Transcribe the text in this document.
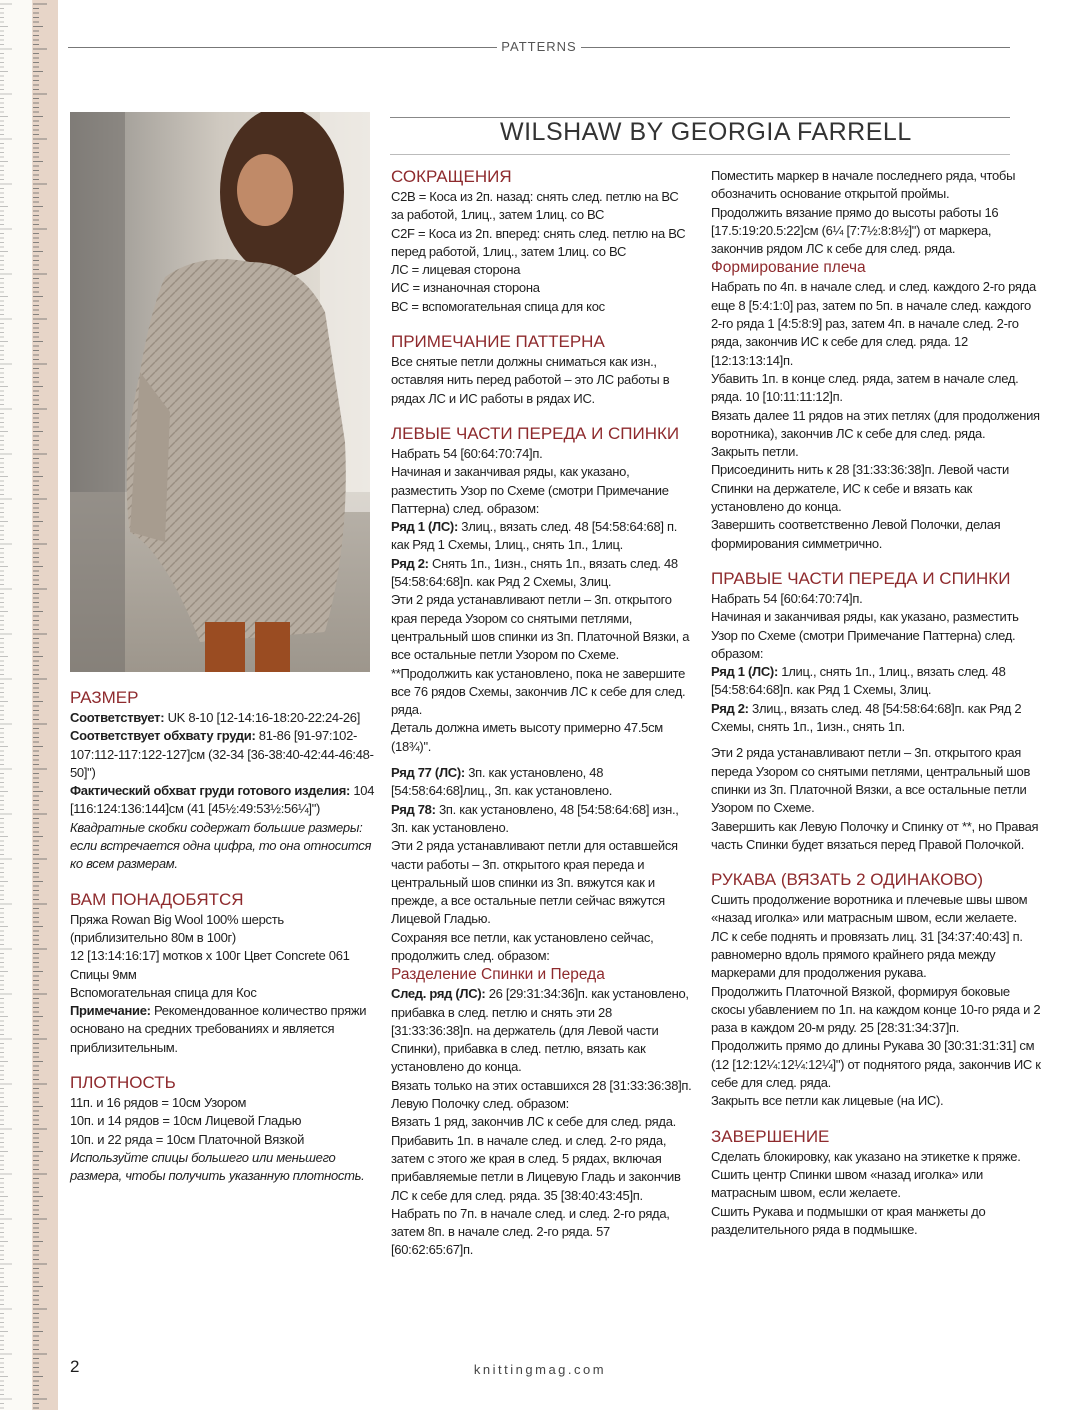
PATTERNS
WILSHAW BY GEORGIA FARRELL

РАЗМЕР

Соответствует: UK 8-10 [12-14:16-18:20-22:24-26]

Соответствует обхвату груди: 81-86 [91-97:102-107:112-117:122-127]см (32-34 [36-38:40-42:44-46:48-50]")

Фактический обхват груди готового изделия: 104 [116:124:136:144]см (41 [45½:49:53½:56¼]")

Квадратные скобки содержат большие размеры: если встречается одна цифра, то она относится ко всем размерам.

ВАМ ПОНАДОБЯТСЯ

Пряжа Rowan Big Wool 100% шерсть (приблизительно 80м в 100г)

12 [13:14:16:17] мотков х 100г Цвет Concrete 061

Спицы 9мм

Вспомогательная спица для Кос

Примечание: Рекомендованное количество пряжи основано на средних требованиях и является приблизительным.

ПЛОТНОСТЬ

11п. и 16 рядов = 10см Узором

10п. и 14 рядов = 10см Лицевой Гладью

10п. и 22 ряда = 10см Платочной Вязкой

Используйте спицы большего или меньшего размера, чтобы получить указанную плотность.

СОКРАЩЕНИЯ

C2B = Коса из 2п. назад: снять след. петлю на ВС за работой, 1лиц., затем 1лиц. со ВС

C2F = Коса из 2п. вперед: снять след. петлю на ВС перед работой, 1лиц., затем 1лиц. со ВС

ЛС = лицевая сторона

ИС = изнаночная сторона

ВС = вспомогательная спица для кос

ПРИМЕЧАНИЕ ПАТТЕРНА

Все снятые петли должны сниматься как изн., оставляя нить перед работой – это ЛС работы в рядах ЛС и ИС работы в рядах ИС.

ЛЕВЫЕ ЧАСТИ ПЕРЕДА И СПИНКИ

Набрать 54 [60:64:70:74]п.

Начиная и заканчивая ряды, как указано, разместить Узор по Схеме (смотри Примечание Паттерна) след. образом:

Ряд 1 (ЛС): 3лиц., вязать след. 48 [54:58:64:68] п. как Ряд 1 Схемы, 1лиц., снять 1п., 1лиц.

Ряд 2: Снять 1п., 1изн., снять 1п., вязать след. 48 [54:58:64:68]п. как Ряд 2 Схемы, 3лиц.

Эти 2 ряда устанавливают петли – 3п. открытого края переда Узором со снятыми петлями, центральный шов спинки из 3п. Платочной Вязки, а все остальные петли Узором по Схеме.

**Продолжить как установлено, пока не завершите все 76 рядов Схемы, закончив ЛС к себе для след. ряда.

Деталь должна иметь высоту примерно 47.5см (18¾)".

Ряд 77 (ЛС): 3п. как установлено, 48 [54:58:64:68]лиц., 3п. как установлено.

Ряд 78: 3п. как установлено, 48 [54:58:64:68] изн., 3п. как установлено.

Эти 2 ряда устанавливают петли для оставшейся части работы – 3п. открытого края переда и центральный шов спинки из 3п. вяжутся как и прежде, а все остальные петли сейчас вяжутся Лицевой Гладью.

Сохраняя все петли, как установлено сейчас, продолжить след. образом:

Разделение Спинки и Переда

След. ряд (ЛС): 26 [29:31:34:36]п. как установлено, прибавка в след. петлю и снять эти 28 [31:33:36:38]п. на держатель (для Левой части Спинки), прибавка в след. петлю, вязать как установлено до конца.

Вязать только на этих оставшихся 28 [31:33:36:38]п. Левую Полочку след. образом:

Вязать 1 ряд, закончив ЛС к себе для след. ряда.

Прибавить 1п. в начале след. и след. 2-го ряда, затем с этого же края в след. 5 рядах, включая прибавляемые петли в Лицевую Гладь и закончив ЛС к себе для след. ряда. 35 [38:40:43:45]п.

Набрать по 7п. в начале след. и след. 2-го ряда, затем 8п. в начале след. 2-го ряда. 57 [60:62:65:67]п.

Поместить маркер в начале последнего ряда, чтобы обозначить основание открытой проймы.

Продолжить вязание прямо до высоты работы 16 [17.5:19:20.5:22]см (6¼ [7:7½:8:8½]") от маркера, закончив рядом ЛС к себе для след. ряда.

Формирование плеча

Набрать по 4п. в начале след. и след. каждого 2-го ряда еще 8 [5:4:1:0] раз, затем по 5п. в начале след. каждого 2-го ряда 1 [4:5:8:9] раз, затем 4п. в начале след. 2-го ряда, закончив ИС к себе для след. ряда. 12 [12:13:13:14]п.

Убавить 1п. в конце след. ряда, затем в начале след. ряда. 10 [10:11:11:12]п.

Вязать далее 11 рядов на этих петлях (для продолжения воротника), закончив ЛС к себе для след. ряда.

Закрыть петли.

Присоединить нить к 28 [31:33:36:38]п. Левой части Спинки на держателе, ИС к себе и вязать как установлено до конца.

Завершить соответственно Левой Полочки, делая формирования симметрично.

ПРАВЫЕ ЧАСТИ ПЕРЕДА И СПИНКИ

Набрать 54 [60:64:70:74]п.

Начиная и заканчивая ряды, как указано, разместить Узор по Схеме (смотри Примечание Паттерна) след. образом:

Ряд 1 (ЛС): 1лиц., снять 1п., 1лиц., вязать след. 48 [54:58:64:68]п. как Ряд 1 Схемы, 3лиц.

Ряд 2: 3лиц., вязать след. 48 [54:58:64:68]п. как Ряд 2 Схемы, снять 1п., 1изн., снять 1п.

Эти 2 ряда устанавливают петли – 3п. открытого края переда Узором со снятыми петлями, центральный шов спинки из 3п. Платочной Вязки, а все остальные петли Узором по Схеме.

Завершить как Левую Полочку и Спинку от **, но Правая часть Спинки будет вязаться перед Правой Полочкой.

РУКАВА (ВЯЗАТЬ 2 ОДИНАКОВО)

Сшить продолжение воротника и плечевые швы швом «назад иголка» или матрасным швом, если желаете.

ЛС к себе поднять и провязать лиц. 31 [34:37:40:43] п. равномерно вдоль прямого крайнего ряда между маркерами для продолжения рукава.

Продолжить Платочной Вязкой, формируя боковые скосы убавлением по 1п. на каждом конце 10-го ряда и 2 раза в каждом 20-м ряду. 25 [28:31:34:37]п.

Продолжить прямо до длины Рукава 30 [30:31:31:31] см (12 [12:12¼:12¼:12¼]") от поднятого ряда, закончив ИС к себе для след. ряда.

Закрыть все петли как лицевые (на ИС).

ЗАВЕРШЕНИЕ

Сделать блокировку, как указано на этикетке к пряже. Сшить центр Спинки швом «назад иголка» или матрасным швом, если желаете.

Сшить Рукава и подмышки от края манжеты до разделительного ряда в подмышке.

2	knittingmag.com
